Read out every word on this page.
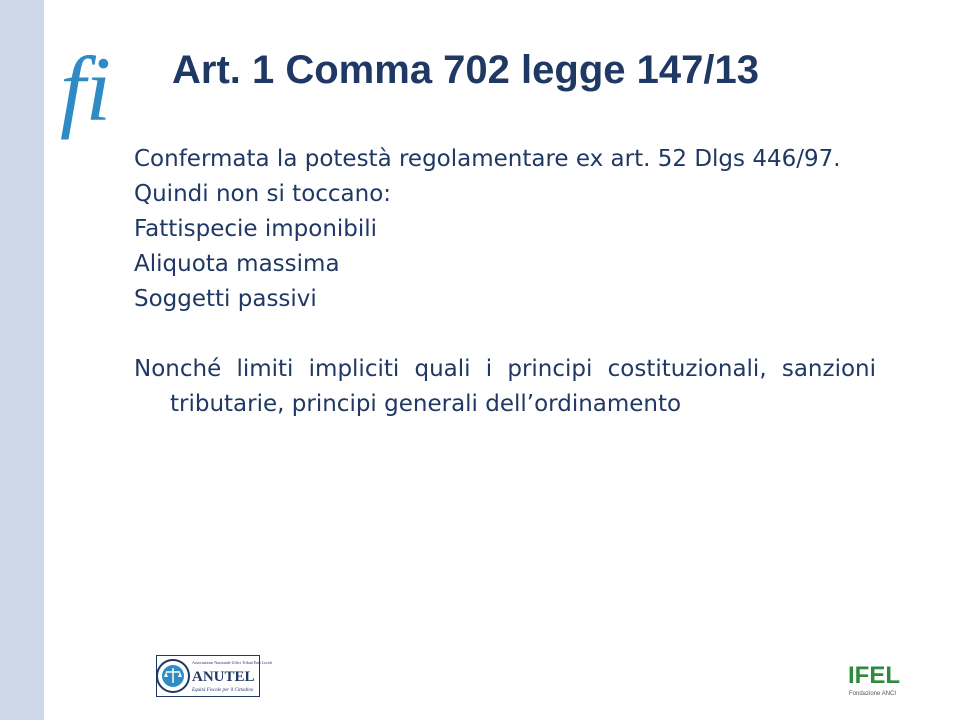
fi Art. 1 Comma 702 legge 147/13

Confermata la potestà regolamentare ex art. 52 Dlgs 446/97.

Quindi non si toccano:

Fattispecie imponibili

Aliquota massima

Soggetti passivi

Nonché limiti impliciti quali i principi costituzionali, sanzioni tributarie, principi generali dell’ordinamento

Associazione Nazionale Uffici Tributi Enti Locali
ANUTEL
Equità Fiscale per il Cittadino
IFEL
Fondazione ANCI
